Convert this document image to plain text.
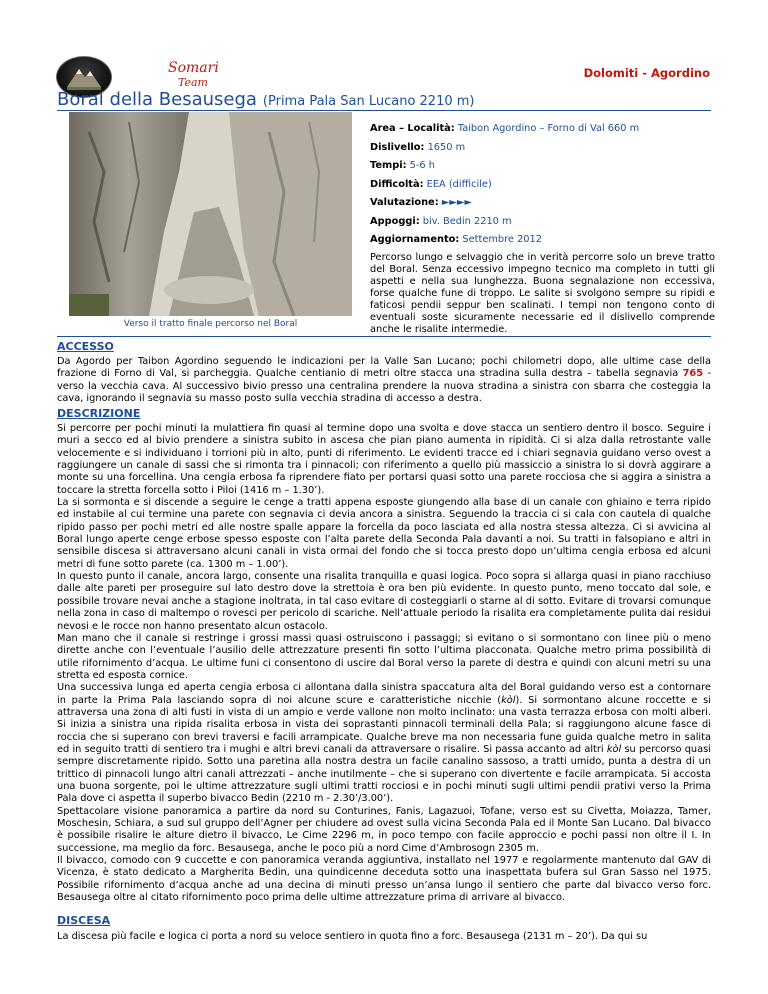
Somari
Team
Dolomiti - Agordino
Boral della Besausega (Prima Pala San Lucano 2210 m)
Verso il tratto finale percorso nel Boral
Area – Località: Taibon Agordino – Forno di Val 660 m
Dislivello: 1650 m
Tempi: 5-6 h
Difficoltà: EEA (difficile)
Valutazione: ►►►►
Appoggi: biv. Bedin 2210 m
Aggiornamento: Settembre 2012
Percorso lungo e selvaggio che in verità percorre solo un breve tratto del Boral. Senza eccessivo impegno tecnico ma completo in tutti gli aspetti e nella sua lunghezza. Buona segnalazione non eccessiva, forse qualche fune di troppo. Le salite si svolgono sempre su ripidi e faticosi pendii seppur ben scalinati. I tempi non tengono conto di eventuali soste sicuramente necessarie ed il dislivello comprende anche le risalite intermedie.
ACCESSO

Da Agordo per Taibon Agordino seguendo le indicazioni per la Valle San Lucano; pochi chilometri dopo, alle ultime case della frazione di Forno di Val, si parcheggia. Qualche centianio di metri oltre stacca una stradina sulla destra – tabella segnavia 765 - verso la vecchia cava. Al successivo bivio presso una centralina prendere la nuova stradina a sinistra con sbarra che costeggia la cava, ignorando il segnavia su masso posto sulla vecchia stradina di accesso a destra.

DESCRIZIONE

Si percorre per pochi minuti la mulattiera fin quasi al termine dopo una svolta e dove stacca un sentiero dentro il bosco. Seguire i muri a secco ed al bivio prendere a sinistra subito in ascesa che pian piano aumenta in ripidità. Ci si alza dalla retrostante valle velocemente e si individuano i torrioni più in alto, punti di riferimento. Le evidenti tracce ed i chiari segnavia guidano verso ovest a raggiungere un canale di sassi che si rimonta tra i pinnacoli; con riferimento a quello più massiccio a sinistra lo si dovrà aggirare a monte su una forcellina. Una cengia erbosa fa riprendere fiato per portarsi quasi sotto una parete rocciosa che si aggira a sinistra a toccare la stretta forcella sotto i Piloi (1416 m – 1.30’).

La si sormonta e si discende a seguire le cenge a tratti appena esposte giungendo alla base di un canale con ghiaino e terra ripido ed instabile al cui termine una parete con segnavia ci devia ancora a sinistra. Seguendo la traccia ci si cala con cautela di qualche ripido passo per pochi metri ed alle nostre spalle appare la forcella da poco lasciata ed alla nostra stessa altezza. Ci si avvicina al Boral lungo aperte cenge erbose spesso esposte con l’alta parete della Seconda Pala davanti a noi. Su tratti in falsopiano e altri in sensibile discesa si attraversano alcuni canali in vista ormai del fondo che si tocca presto dopo un’ultima cengia erbosa ed alcuni metri di fune sotto parete (ca. 1300 m – 1.00’).

In questo punto il canale, ancora largo, consente una risalita tranquilla e quasi logica. Poco sopra si allarga quasi in piano racchiuso dalle alte pareti per proseguire sul lato destro dove la strettoia è ora ben più evidente. In questo punto, meno toccato dal sole, e possibile trovare nevai anche a stagione inoltrata, in tal caso evitare di costeggiarli o starne al di sotto. Evitare di trovarsi comunque nella zona in caso di maltempo o rovesci per pericolo di scariche. Nell’attuale periodo la risalita era completamente pulita dai residui nevosi e le rocce non hanno presentato alcun ostacolo.

Man mano che il canale si restringe i grossi massi quasi ostruiscono i passaggi; si evitano o si sormontano con linee più o meno dirette anche con l’eventuale l’ausilio delle attrezzature presenti fin sotto l’ultima placconata. Qualche metro prima possibilità di utile rifornimento d’acqua. Le ultime funi ci consentono di uscire dal Boral verso la parete di destra e quindi con alcuni metri su una stretta ed esposta cornice.

Una successiva lunga ed aperta cengia erbosa ci allontana dalla sinistra spaccatura alta del Boral guidando verso est a contornare in parte la Prima Pala lasciando sopra di noi alcune scure e caratteristiche nicchie (kòl). Si sormontano alcune roccette e si attraversa una zona di alti fusti in vista di un ampio e verde vallone non molto inclinato: una vasta terrazza erbosa con molti alberi. Si inizia a sinistra una ripida risalita erbosa in vista dei soprastanti pinnacoli terminali della Pala; si raggiungono alcune fasce di roccia che si superano con brevi traversi e facili arrampicate. Qualche breve ma non necessaria fune guida qualche metro in salita ed in seguito tratti di sentiero tra i mughi e altri brevi canali da attraversare o risalire. Si passa accanto ad altri kòl su percorso quasi sempre discretamente ripido. Sotto una paretina alla nostra destra un facile canalino sassoso, a tratti umido, punta a destra di un trittico di pinnacoli lungo altri canali attrezzati – anche inutilmente – che si superano con divertente e facile arrampicata. Si accosta una buona sorgente, poi le ultime attrezzature sugli ultimi tratti rocciosi e in pochi minuti sugli ultimi pendii prativi verso la Prima Pala dove ci aspetta il superbo bivacco Bedin (2210 m - 2.30’/3.00’).

Spettacolare visione panoramica a partire da nord su Conturines, Fanis, Lagazuoi, Tofane, verso est su Civetta, Moiazza, Tamer, Moschesin, Schiara, a sud sul gruppo dell’Agner per chiudere ad ovest sulla vicina Seconda Pala ed il Monte San Lucano. Dal bivacco è possibile risalire le alture dietro il bivacco, Le Cime 2296 m, in poco tempo con facile approccio e pochi passi non oltre il I. In successione, ma meglio da forc. Besausega, anche le poco più a nord Cime d’Ambrosogn 2305 m.

Il bivacco, comodo con 9 cuccette e con panoramica veranda aggiuntiva, installato nel 1977 e regolarmente mantenuto dal GAV di Vicenza, è stato dedicato a Margherita Bedin, una quindicenne deceduta sotto una inaspettata bufera sul Gran Sasso nel 1975. Possibile rifornimento d’acqua anche ad una decina di minuti presso un’ansa lungo il sentiero che parte dal bivacco verso forc. Besausega oltre al citato rifornimento poco prima delle ultime attrezzature prima di arrivare al bivacco.

DISCESA

La discesa più facile e logica ci porta a nord su veloce sentiero in quota fino a forc. Besausega (2131 m – 20’). Da qui su
